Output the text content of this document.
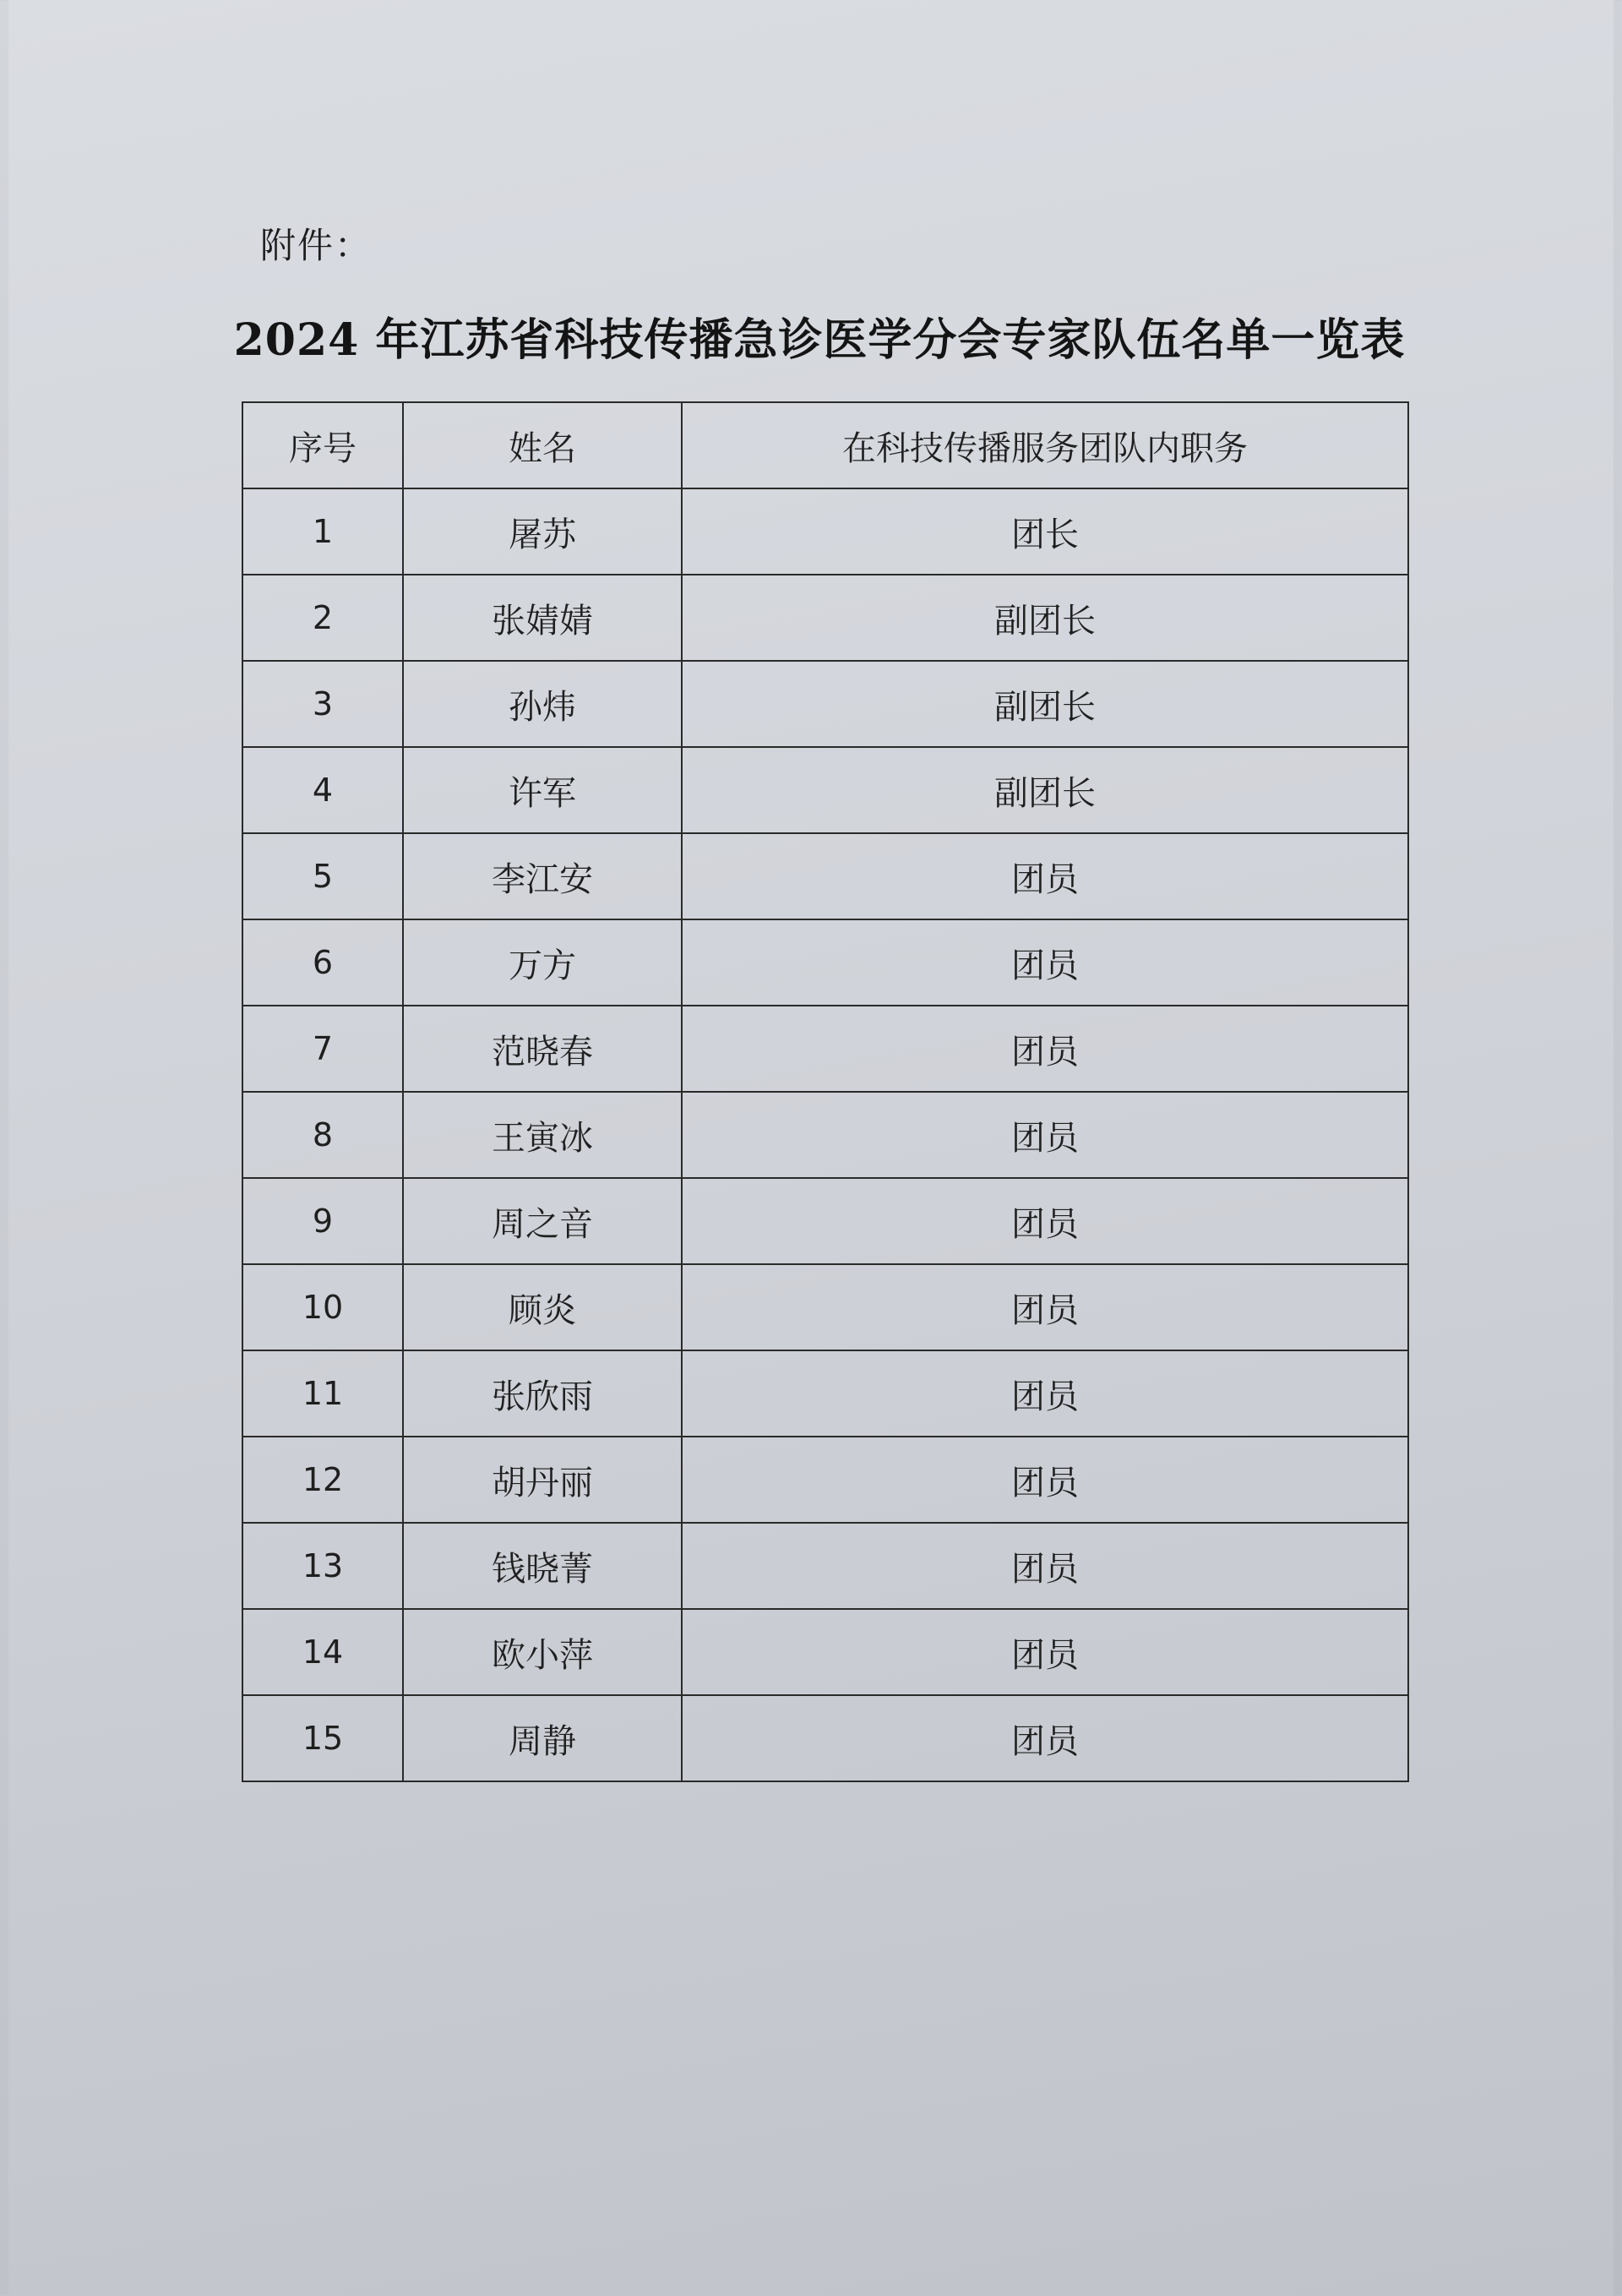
附件：
2024 年江苏省科技传播急诊医学分会专家队伍名单一览表
序号	姓名	在科技传播服务团队内职务
1	屠苏	团长
2	张婧婧	副团长
3	孙炜	副团长
4	许军	副团长
5	李江安	团员
6	万方	团员
7	范晓春	团员
8	王寅冰	团员
9	周之音	团员
10	顾炎	团员
11	张欣雨	团员
12	胡丹丽	团员
13	钱晓菁	团员
14	欧小萍	团员
15	周静	团员
